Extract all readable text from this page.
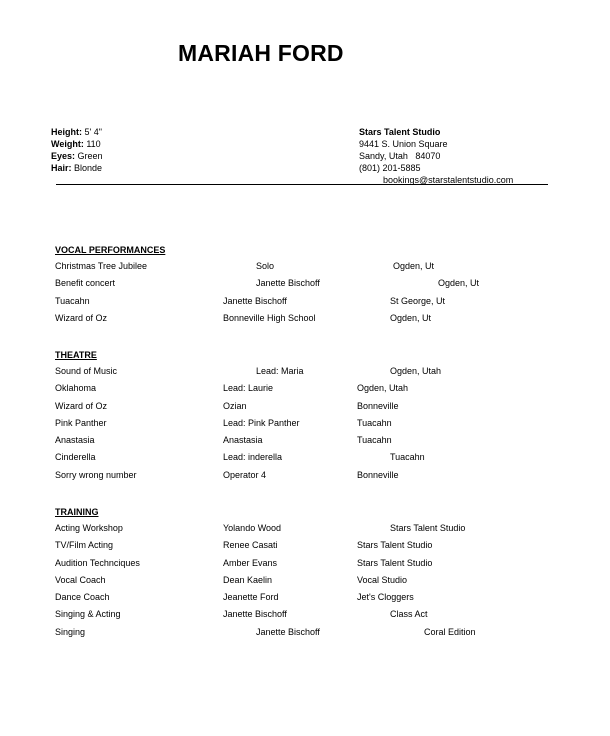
MARIAH FORD
Height: 5' 4"
Weight: 110
Eyes: Green
Hair: Blonde
Stars Talent Studio
9441 S. Union Square
Sandy, Utah   84070
(801) 201-5885
bookings@starstalentstudio.com
VOCAL PERFORMANCES
Christmas Tree Jubilee	Solo	Ogden, Ut
Benefit concert	Janette Bischoff	Ogden, Ut
Tuacahn	Janette Bischoff	St George, Ut
Wizard of Oz	Bonneville High School	Ogden, Ut
THEATRE
Sound of Music	Lead: Maria	Ogden, Utah
Oklahoma	Lead: Laurie	Ogden, Utah
Wizard of Oz	Ozian	Bonneville
Pink Panther	Lead: Pink Panther	Tuacahn
Anastasia	Anastasia	Tuacahn
Cinderella	Lead: inderella	Tuacahn
Sorry wrong number	Operator 4	Bonneville
TRAINING
Acting Workshop	Yolando Wood	Stars Talent Studio
TV/Film Acting	Renee Casati	Stars Talent Studio
Audition Technciques	Amber Evans	Stars Talent Studio
Vocal Coach	Dean Kaelin	Vocal Studio
Dance Coach	Jeanette Ford	Jet's Cloggers
Singing & Acting	Janette Bischoff	Class Act
Singing	Janette Bischoff	Coral Edition
